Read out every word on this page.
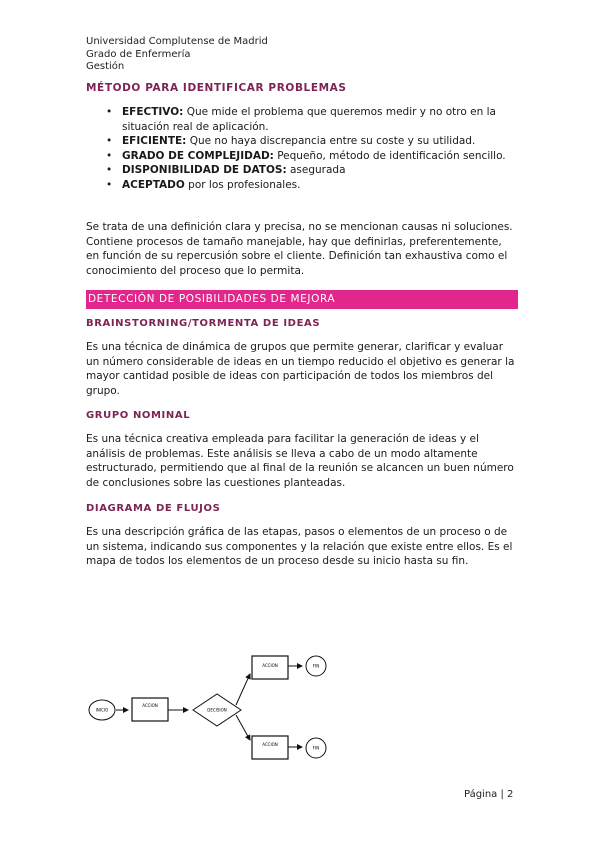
Universidad Complutense de Madrid
Grado de Enfermería
Gestión
MÉTODO PARA IDENTIFICAR PROBLEMAS
• EFECTIVO: Que mide el problema que queremos medir y no otro en la situación real de aplicación.
• EFICIENTE: Que no haya discrepancia entre su coste y su utilidad.
• GRADO DE COMPLEJIDAD: Pequeño, método de identificación sencillo.
• DISPONIBILIDAD DE DATOS: asegurada
• ACEPTADO por los profesionales.
Se trata de una definición clara y precisa, no se mencionan causas ni soluciones. Contiene procesos de tamaño manejable, hay que definirlas, preferentemente, en función de su repercusión sobre el cliente. Definición tan exhaustiva como el conocimiento del proceso que lo permita.
DETECCIÓN DE POSIBILIDADES DE MEJORA
BRAINSTORNING/TORMENTA DE IDEAS
Es una técnica de dinámica de grupos que permite generar, clarificar y evaluar un número considerable de ideas en un tiempo reducido el objetivo es generar la mayor cantidad posible de ideas con participación de todos los miembros del grupo.
GRUPO NOMINAL
Es una técnica creativa empleada para facilitar la generación de ideas y el análisis de problemas. Este análisis se lleva a cabo de un modo altamente estructurado, permitiendo que al final de la reunión se alcancen un buen número de conclusiones sobre las cuestiones planteadas.
DIAGRAMA DE FLUJOS
Es una descripción gráfica de las etapas, pasos o elementos de un proceso o de un sistema, indicando sus componentes y la relación que existe entre ellos. Es el mapa de todos los elementos de un proceso desde su inicio hasta su fin.
INICIO
ACCION
DECISION
ACCION	FIN
ACCION
FIN
Página | 2
